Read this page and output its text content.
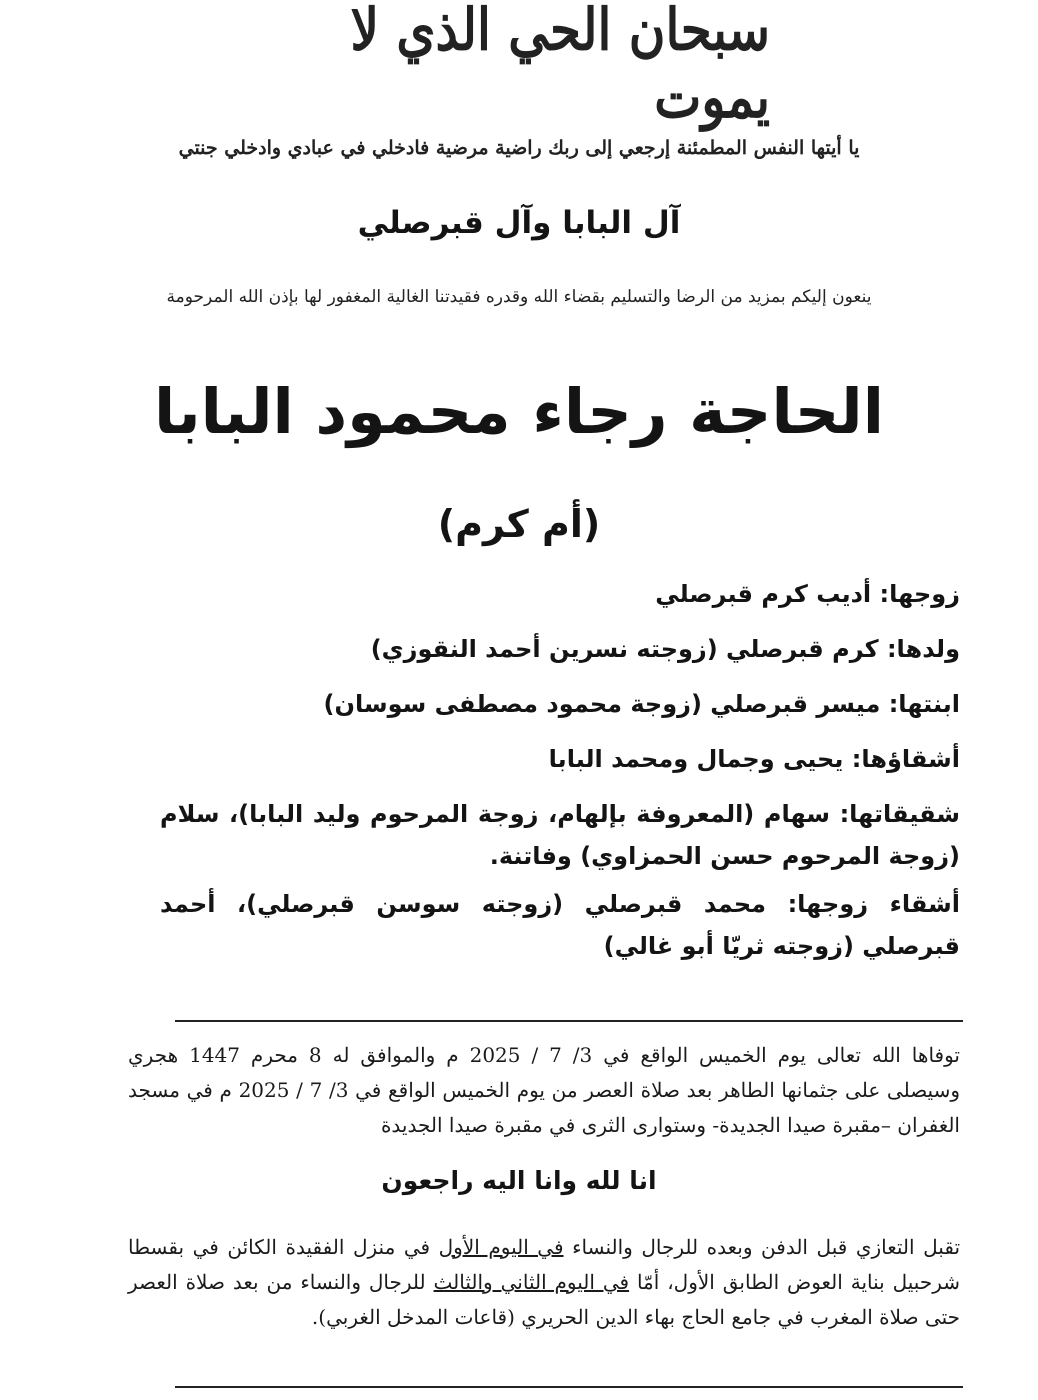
سبحان الحي الذي لا يموت
يا أيتها النفس المطمئنة إرجعي إلى ربك راضية مرضية فادخلي في عبادي وادخلي جنتي
آل البابا وآل قبرصلي
ينعون إليكم بمزيد من الرضا والتسليم بقضاء الله وقدره فقيدتنا الغالية المغفور لها بإذن الله المرحومة
الحاجة رجاء محمود البابا
(أم كرم)
زوجها: أديب كرم قبرصلي
ولدها: كرم قبرصلي (زوجته نسرين أحمد النقوزي)
ابنتها: ميسر قبرصلي (زوجة محمود مصطفى سوسان)
أشقاؤها: يحيى وجمال ومحمد البابا
شقيقاتها: سهام (المعروفة بإلهام، زوجة المرحوم وليد البابا)، سلام (زوجة المرحوم حسن الحمزاوي) وفاتنة.
أشقاء زوجها: محمد قبرصلي (زوجته سوسن قبرصلي)، أحمد قبرصلي (زوجته ثريّا أبو غالي)
توفاها الله تعالى يوم الخميس الواقع في 3/ 7 / 2025 م والموافق له 8 محرم 1447 هجري وسيصلى على جثمانها الطاهر بعد صلاة العصر من يوم الخميس الواقع في 3/ 7 / 2025 م في مسجد الغفران –مقبرة صيدا الجديدة- وستوارى الثرى في مقبرة صيدا الجديدة
انا لله وانا اليه راجعون
تقبل التعازي قبل الدفن وبعده للرجال والنساء في اليوم الأول في منزل الفقيدة الكائن في بقسطا شرحبيل بناية العوض الطابق الأول، أمّا في اليوم الثاني والثالث للرجال والنساء من بعد صلاة العصر حتى صلاة المغرب في جامع الحاج بهاء الدين الحريري (قاعات المدخل الغربي).
